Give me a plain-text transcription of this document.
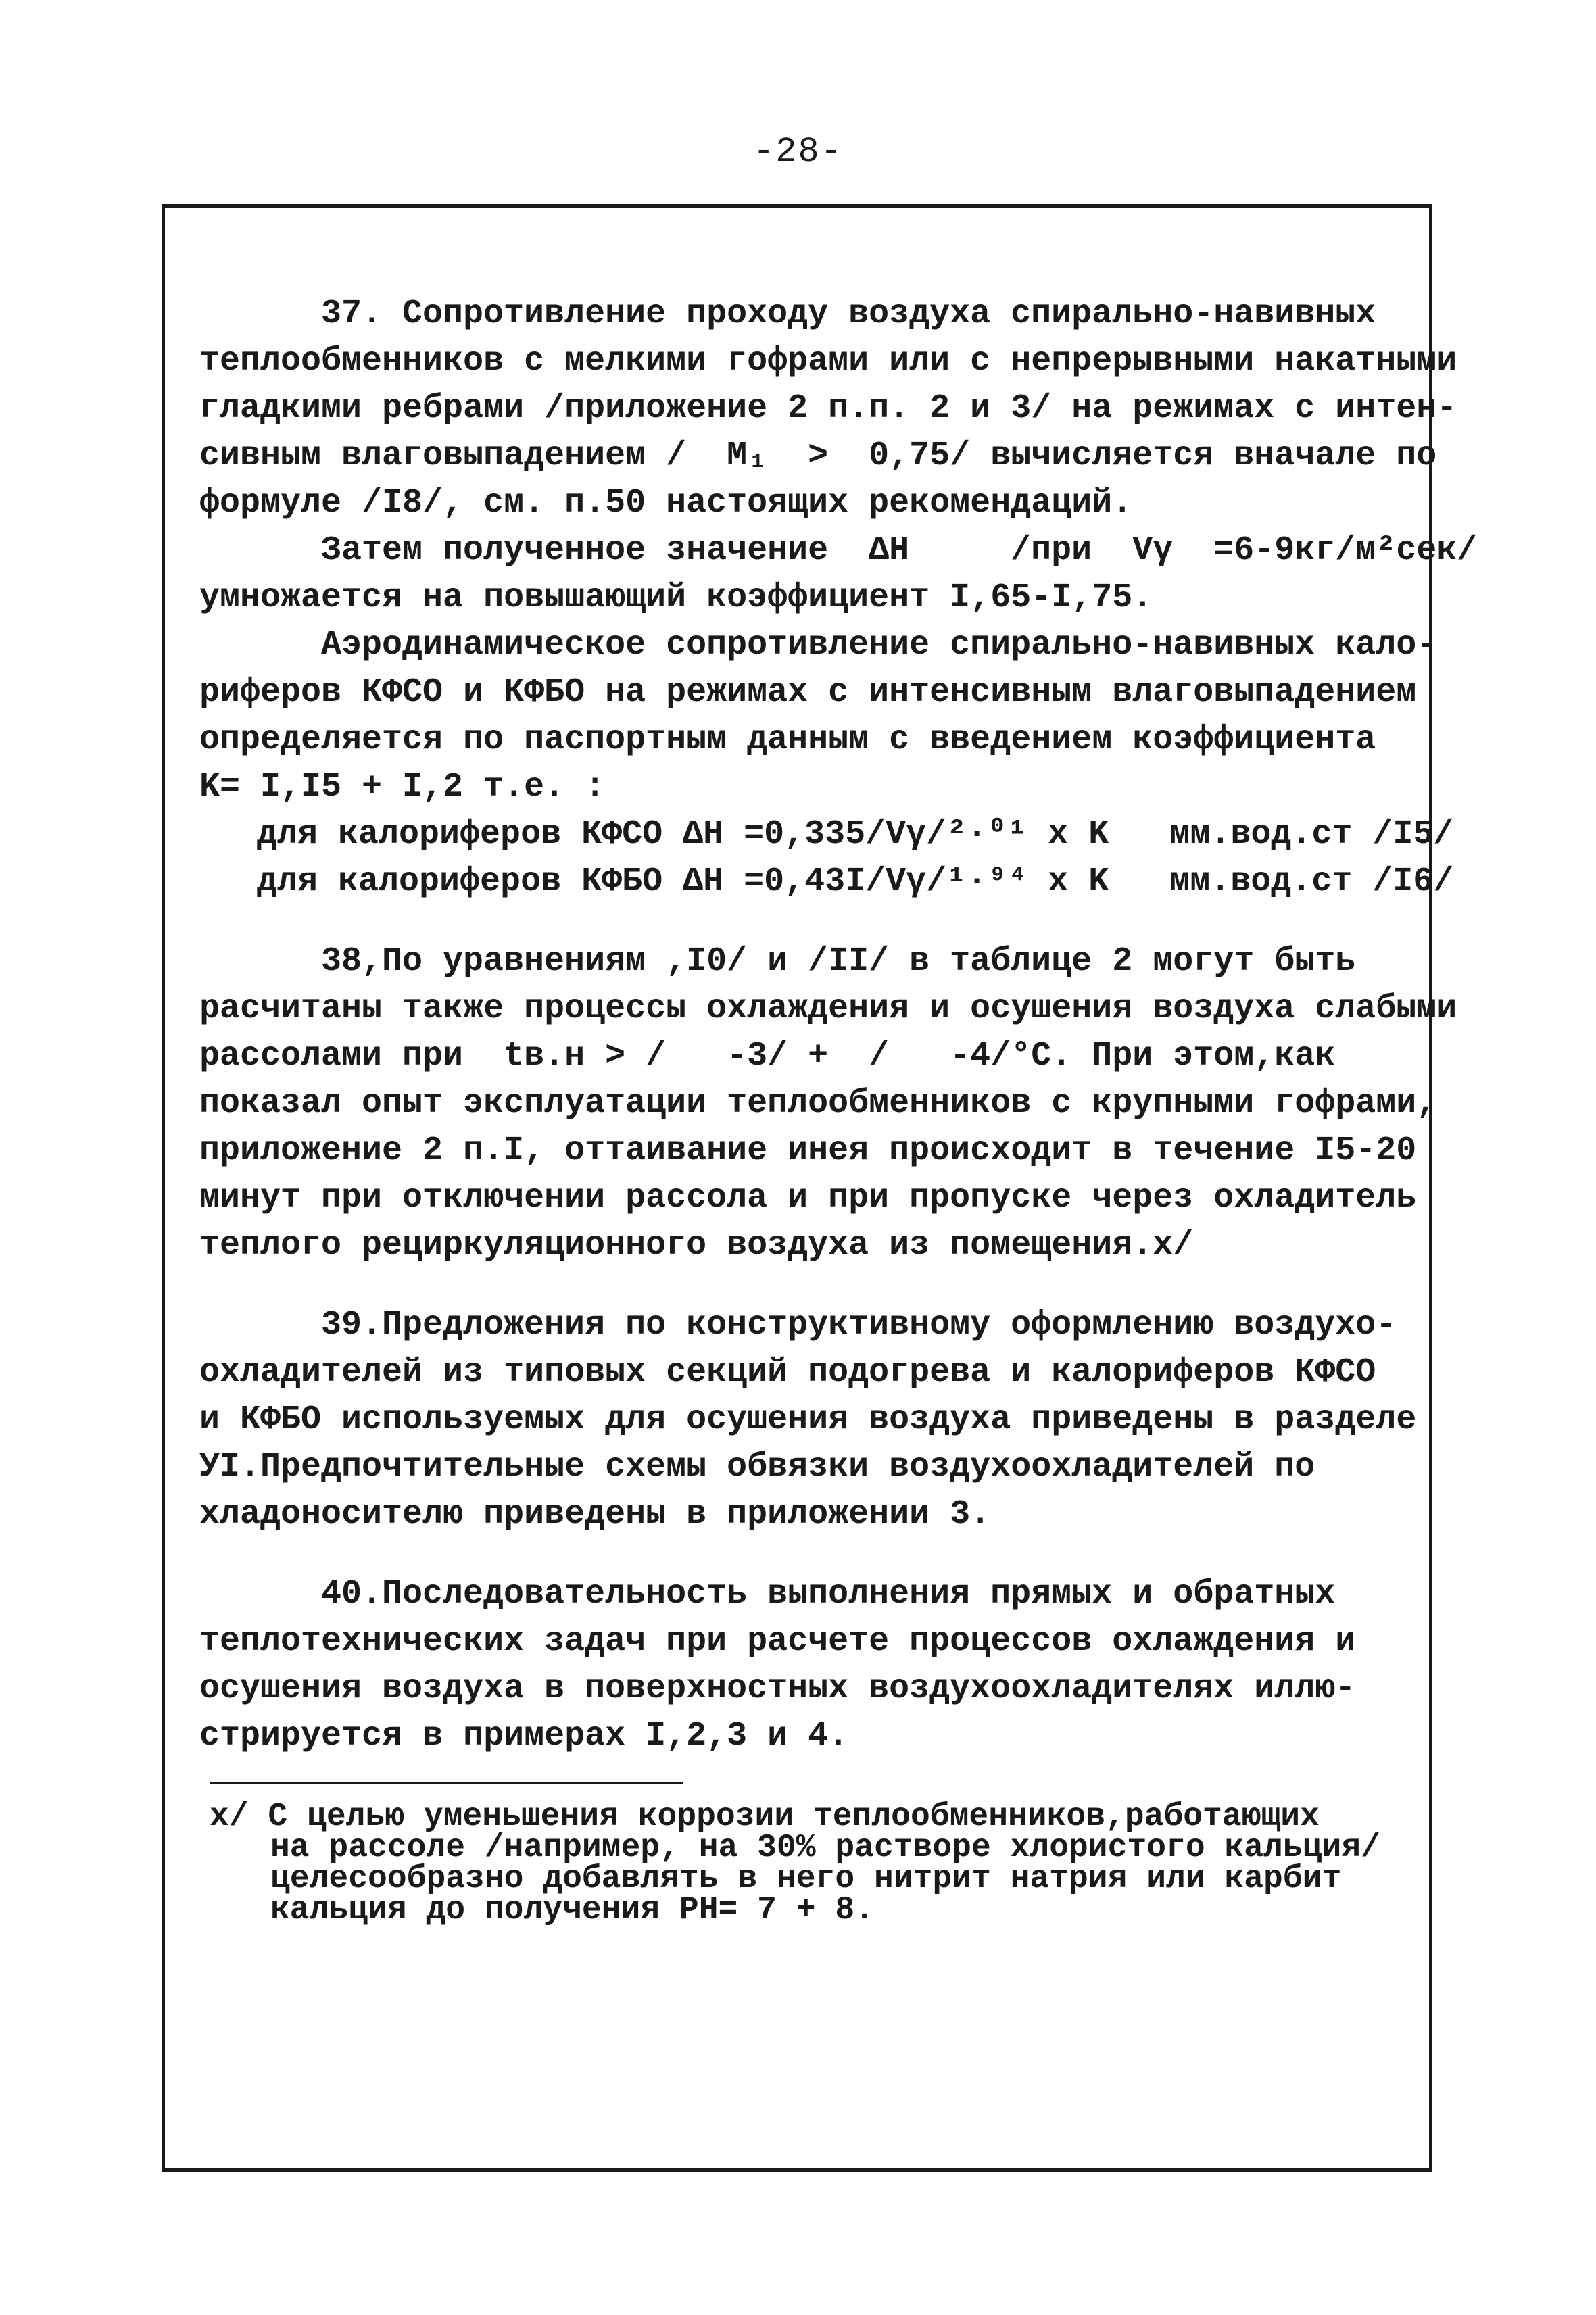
-28-
37. Сопротивление проходу воздуха спирально-навивных
теплообменников с мелкими гофрами или с непрерывными накатными
гладкими ребрами /приложение 2 п.п. 2 и 3/ на режимах с интен-
сивным влаговыпадением /  M₁  >  0,75/ вычисляется вначале по
формуле /I8/, см. п.50 настоящих рекомендаций.
Затем полученное значение  ΔH     /при  Vγ  =6-9кг/м²сек/
умножается на повышающий коэффициент I,65-I,75.
Аэродинамическое сопротивление спирально-навивных кало-
риферов КФСО и КФБО на режимах с интенсивным влаговыпадением
определяется по паспортным данным с введением коэффициента
K= I,I5 + I,2 т.е. :
для калориферов КФСО ΔH =0,335/Vγ/²·⁰¹ x K   мм.вод.ст /I5/
для калориферов КФБО ΔH =0,43I/Vγ/¹·⁹⁴ x K   мм.вод.ст /I6/
38,По уравнениям ,I0/ и /II/ в таблице 2 могут быть
расчитаны также процессы охлаждения и осушения воздуха слабыми
рассолами при  tв.н > /   -3/ +  /   -4/°С. При этом,как
показал опыт эксплуатации теплообменников с крупными гофрами,
приложение 2 п.I, оттаивание инея происходит в течение I5-20
минут при отключении рассола и при пропуске через охладитель
теплого рециркуляционного воздуха из помещения.х/
39.Предложения по конструктивному оформлению воздухо-
охладителей из типовых секций подогрева и калориферов КФСО
и КФБО используемых для осушения воздуха приведены в разделе
УI.Предпочтительные схемы обвязки воздухоохладителей по
хладоносителю приведены в приложении 3.
40.Последовательность выполнения прямых и обратных
теплотехнических задач при расчете процессов охлаждения и
осушения воздуха в поверхностных воздухоохладителях иллю-
стрируется в примерах I,2,3 и 4.
х/ С целью уменьшения коррозии теплообменников,работающих
на рассоле /например, на 30% растворе хлористого кальция/
целесообразно добавлять в него нитрит натрия или карбит
кальция до получения РН= 7 + 8.
